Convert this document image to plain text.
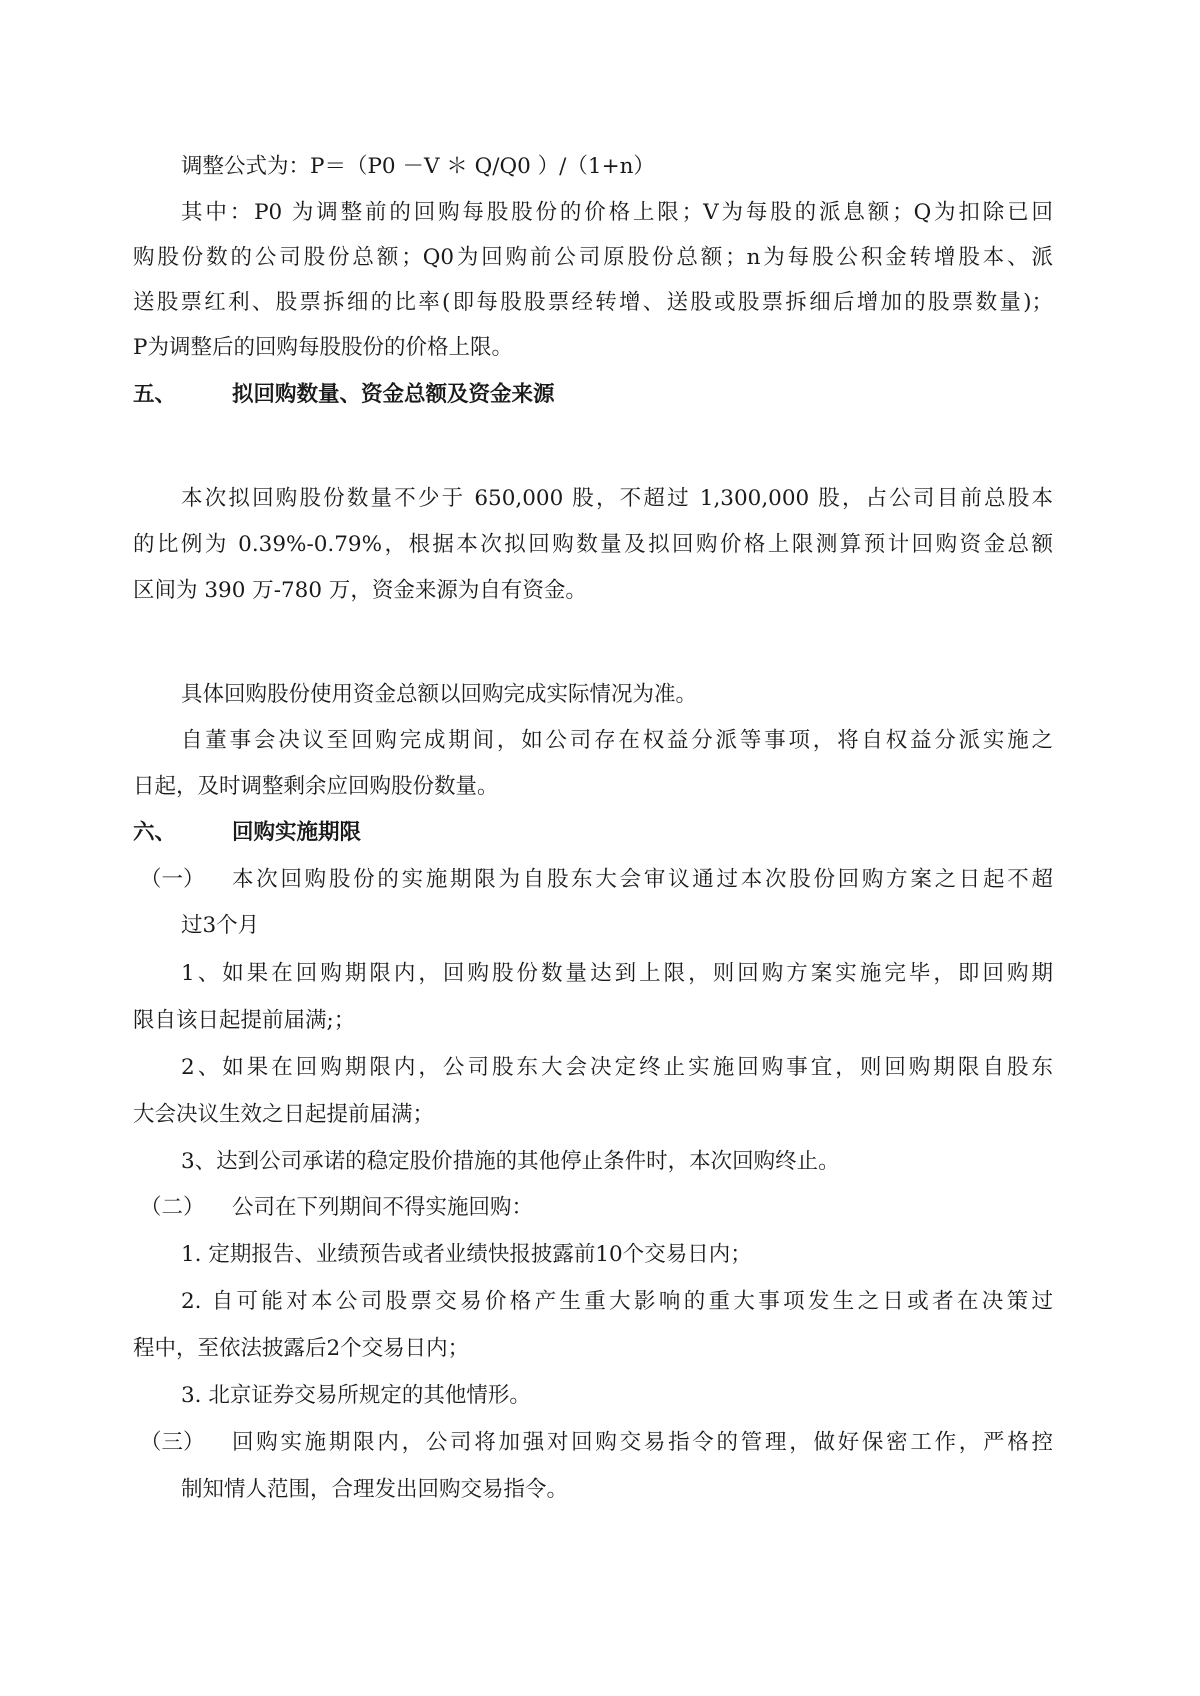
调整公式为：P＝（P0 －V ＊ Q/Q0 ）/（1+n）
其中：P0 为调整前的回购每股股份的价格上限；V为每股的派息额；Q为扣除已回
购股份数的公司股份总额；Q0为回购前公司原股份总额；n为每股公积金转增股本、派
送股票红利、股票拆细的比率(即每股股票经转增、送股或股票拆细后增加的股票数量)；
P为调整后的回购每股股份的价格上限。
五、	拟回购数量、资金总额及资金来源
本次拟回购股份数量不少于 650,000 股，不超过 1,300,000 股，占公司目前总股本
的比例为 0.39%-0.79%，根据本次拟回购数量及拟回购价格上限测算预计回购资金总额
区间为 390 万-780 万，资金来源为自有资金。
具体回购股份使用资金总额以回购完成实际情况为准。
自董事会决议至回购完成期间，如公司存在权益分派等事项，将自权益分派实施之
日起，及时调整剩余应回购股份数量。
六、	回购实施期限
（一） 本次回购股份的实施期限为自股东大会审议通过本次股份回购方案之日起不超
过3个月
1、如果在回购期限内，回购股份数量达到上限，则回购方案实施完毕，即回购期
限自该日起提前届满;；
2、如果在回购期限内，公司股东大会决定终止实施回购事宜，则回购期限自股东
大会决议生效之日起提前届满；
3、达到公司承诺的稳定股价措施的其他停止条件时，本次回购终止。
（二） 公司在下列期间不得实施回购：
1. 定期报告、业绩预告或者业绩快报披露前10个交易日内；
2. 自可能对本公司股票交易价格产生重大影响的重大事项发生之日或者在决策过
程中，至依法披露后2个交易日内；
3. 北京证券交易所规定的其他情形。
（三） 回购实施期限内，公司将加强对回购交易指令的管理，做好保密工作，严格控
制知情人范围，合理发出回购交易指令。
